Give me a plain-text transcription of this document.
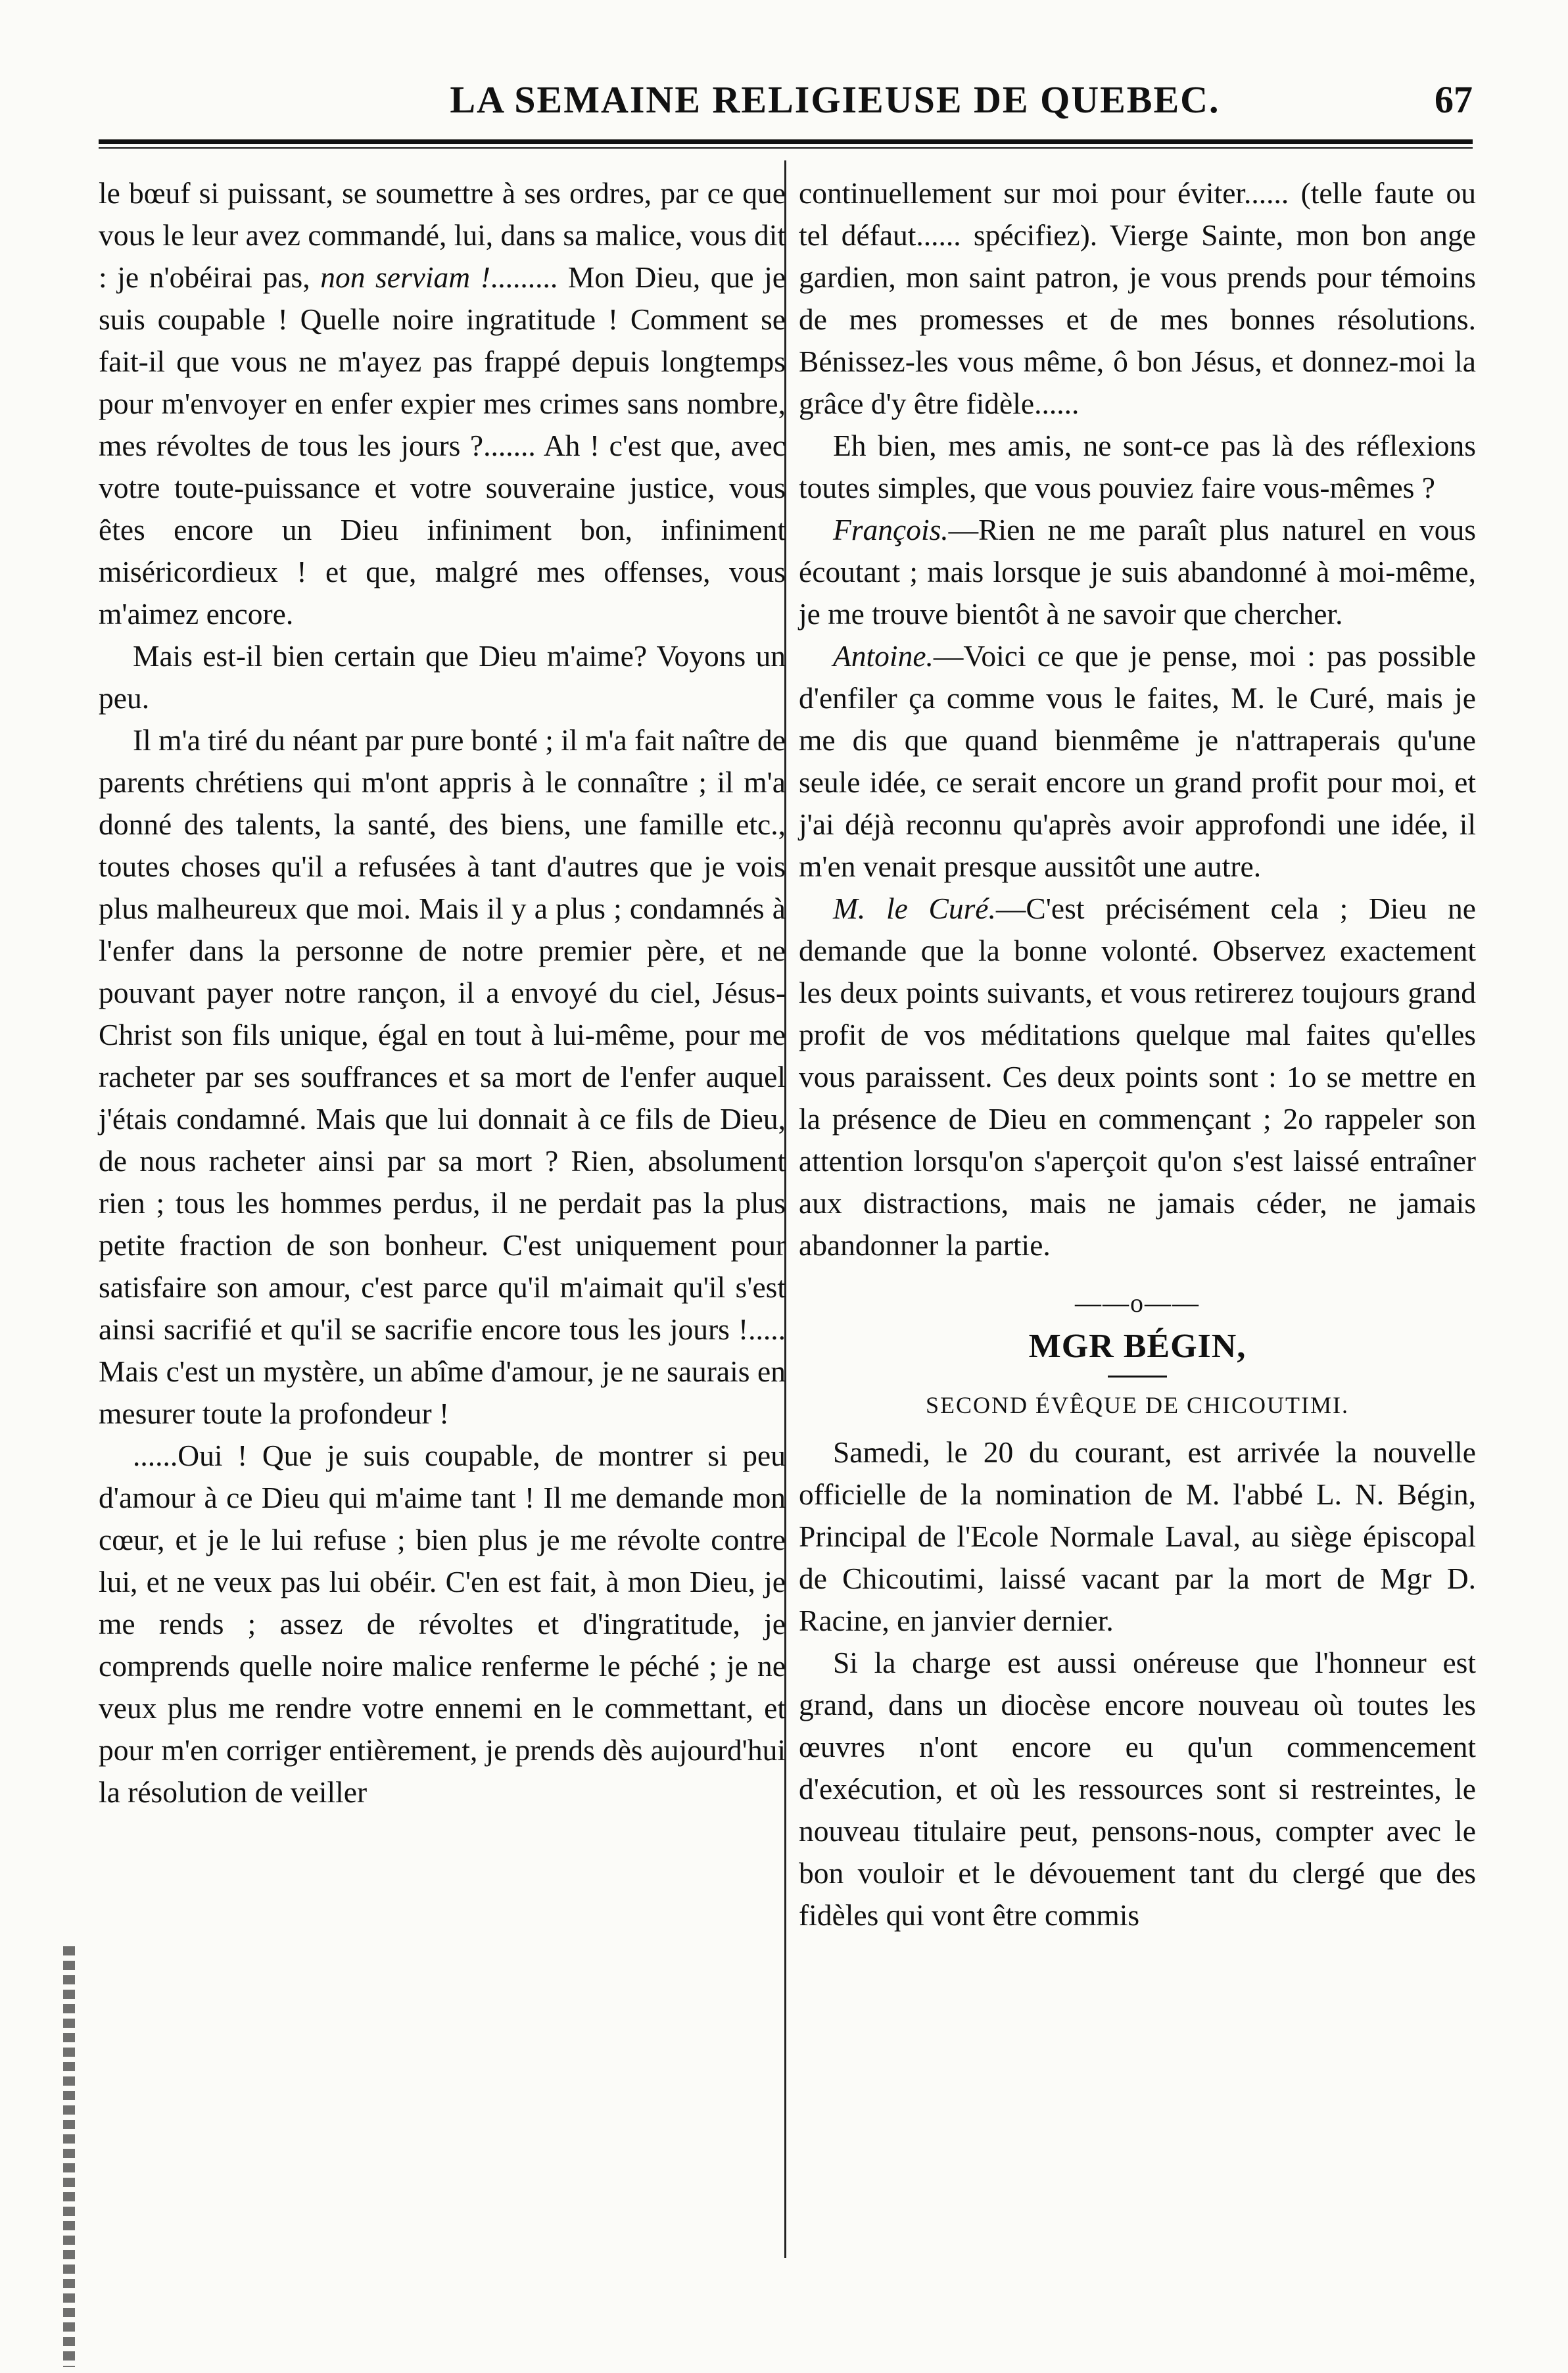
LA SEMAINE RELIGIEUSE DE QUEBEC.	67

le bœuf si puissant, se soumettre à ses ordres, par ce que vous le leur avez commandé, lui, dans sa malice, vous dit : je n'obéirai pas, non serviam !......... Mon Dieu, que je suis coupable ! Quelle noire ingratitude ! Comment se fait-il que vous ne m'ayez pas frappé depuis longtemps pour m'envoyer en enfer expier mes crimes sans nombre, mes révoltes de tous les jours ?....... Ah ! c'est que, avec votre toute-puissance et votre souveraine justice, vous êtes encore un Dieu infiniment bon, infiniment miséricordieux ! et que, malgré mes offenses, vous m'aimez encore.

Mais est-il bien certain que Dieu m'aime? Voyons un peu.

Il m'a tiré du néant par pure bonté ; il m'a fait naître de parents chrétiens qui m'ont appris à le connaître ; il m'a donné des talents, la santé, des biens, une famille etc., toutes choses qu'il a refusées à tant d'autres que je vois plus malheureux que moi. Mais il y a plus ; condamnés à l'enfer dans la personne de notre premier père, et ne pouvant payer notre rançon, il a envoyé du ciel, Jésus-Christ son fils unique, égal en tout à lui-même, pour me racheter par ses souffrances et sa mort de l'enfer auquel j'étais condamné. Mais que lui donnait à ce fils de Dieu, de nous racheter ainsi par sa mort ? Rien, absolument rien ; tous les hommes perdus, il ne perdait pas la plus petite fraction de son bonheur. C'est uniquement pour satisfaire son amour, c'est parce qu'il m'aimait qu'il s'est ainsi sacrifié et qu'il se sacrifie encore tous les jours !..... Mais c'est un mystère, un abîme d'amour, je ne saurais en mesurer toute la profondeur !

......Oui ! Que je suis coupable, de montrer si peu d'amour à ce Dieu qui m'aime tant ! Il me demande mon cœur, et je le lui refuse ; bien plus je me révolte contre lui, et ne veux pas lui obéir. C'en est fait, à mon Dieu, je me rends ; assez de révoltes et d'ingratitude, je comprends quelle noire malice renferme le péché ; je ne veux plus me rendre votre ennemi en le commettant, et pour m'en corriger entièrement, je prends dès aujourd'hui la résolution de veiller

continuellement sur moi pour éviter...... (telle faute ou tel défaut...... spécifiez). Vierge Sainte, mon bon ange gardien, mon saint patron, je vous prends pour témoins de mes promesses et de mes bonnes résolutions. Bénissez-les vous même, ô bon Jésus, et donnez-moi la grâce d'y être fidèle......

Eh bien, mes amis, ne sont-ce pas là des réflexions toutes simples, que vous pouviez faire vous-mêmes ?

François.—Rien ne me paraît plus naturel en vous écoutant ; mais lorsque je suis abandonné à moi-même, je me trouve bientôt à ne savoir que chercher.

Antoine.—Voici ce que je pense, moi : pas possible d'enfiler ça comme vous le faites, M. le Curé, mais je me dis que quand bienmême je n'attraperais qu'une seule idée, ce serait encore un grand profit pour moi, et j'ai déjà reconnu qu'après avoir approfondi une idée, il m'en venait presque aussitôt une autre.

M. le Curé.—C'est précisément cela ; Dieu ne demande que la bonne volonté. Observez exactement les deux points suivants, et vous retirerez toujours grand profit de vos méditations quelque mal faites qu'elles vous paraissent. Ces deux points sont : 1o se mettre en la présence de Dieu en commençant ; 2o rappeler son attention lorsqu'on s'aperçoit qu'on s'est laissé entraîner aux distractions, mais ne jamais céder, ne jamais abandonner la partie.

——o——
MGR BÉGIN,
SECOND ÉVÊQUE DE CHICOUTIMI.

Samedi, le 20 du courant, est arrivée la nouvelle officielle de la nomination de M. l'abbé L. N. Bégin, Principal de l'Ecole Normale Laval, au siège épiscopal de Chicoutimi, laissé vacant par la mort de Mgr D. Racine, en janvier dernier.

Si la charge est aussi onéreuse que l'honneur est grand, dans un diocèse encore nouveau où toutes les œuvres n'ont encore eu qu'un commencement d'exécution, et où les ressources sont si restreintes, le nouveau titulaire peut, pensons-nous, compter avec le bon vouloir et le dévouement tant du clergé que des fidèles qui vont être commis
